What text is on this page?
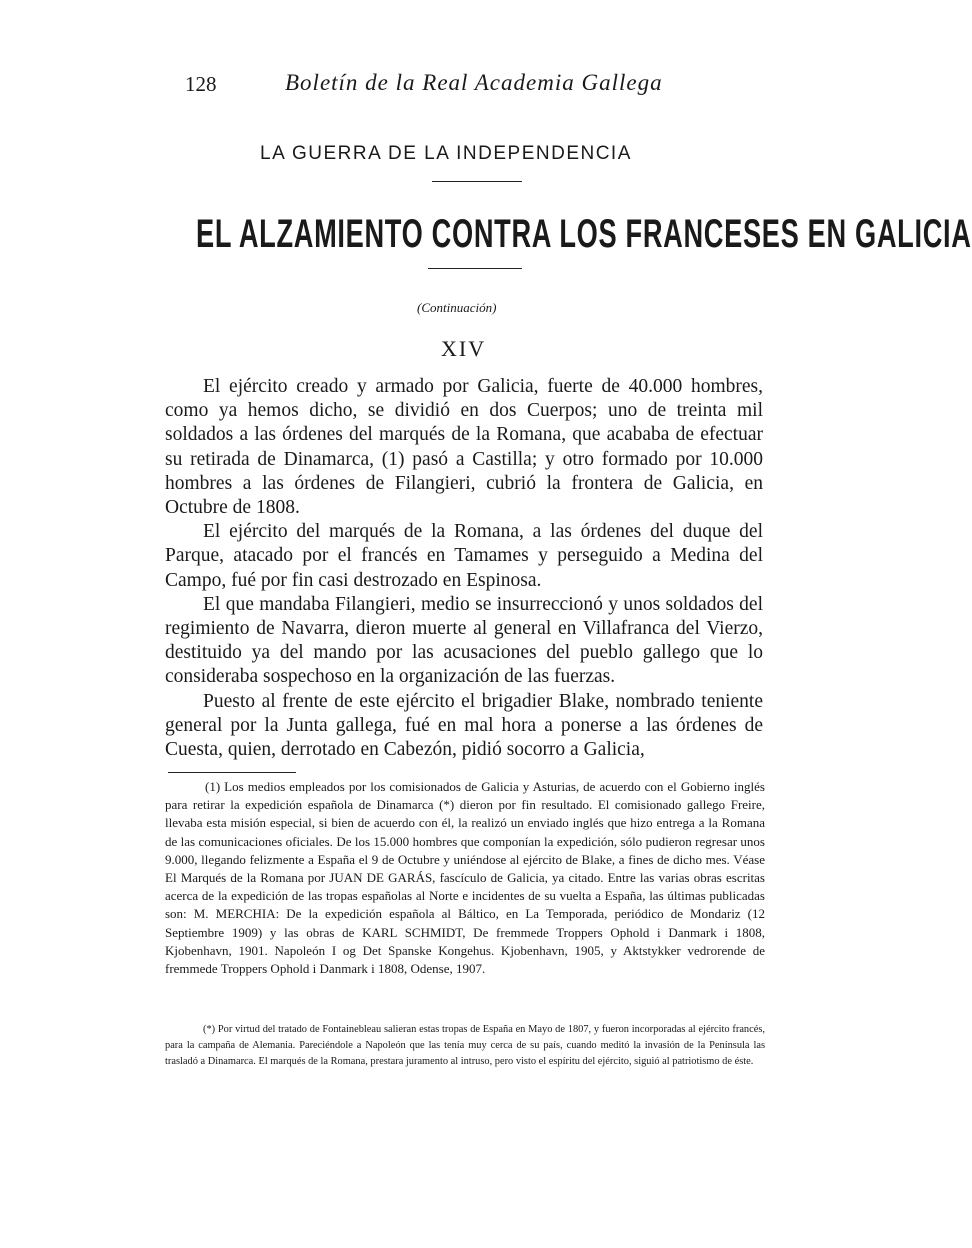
128	Boletín de la Real Academia Gallega
LA GUERRA DE LA INDEPENDENCIA
EL ALZAMIENTO CONTRA LOS FRANCESES EN GALICIA
(Continuación)
XIV

El ejército creado y armado por Galicia, fuerte de 40.000 hombres, como ya hemos dicho, se dividió en dos Cuerpos; uno de treinta mil soldados a las órdenes del marqués de la Romana, que acababa de efectuar su retirada de Dinamarca, (1) pasó a Castilla; y otro formado por 10.000 hombres a las órdenes de Filangieri, cubrió la frontera de Galicia, en Octubre de 1808.

El ejército del marqués de la Romana, a las órdenes del duque del Parque, atacado por el francés en Tamames y perseguido a Medina del Campo, fué por fin casi destrozado en Espinosa.

El que mandaba Filangieri, medio se insurreccionó y unos soldados del regimiento de Navarra, dieron muerte al general en Villafranca del Vierzo, destituido ya del mando por las acusaciones del pueblo gallego que lo consideraba sospechoso en la organización de las fuerzas.

Puesto al frente de este ejército el brigadier Blake, nombrado teniente general por la Junta gallega, fué en mal hora a ponerse a las órdenes de Cuesta, quien, derrotado en Cabezón, pidió socorro a Galicia,

(1) Los medios empleados por los comisionados de Galicia y Asturias, de acuerdo con el Gobierno inglés para retirar la expedición española de Dinamarca (*) dieron por fin resultado. El comisionado gallego Freire, llevaba esta misión especial, si bien de acuerdo con él, la realizó un enviado inglés que hizo entrega a la Romana de las comunicaciones oficiales. De los 15.000 hombres que componían la expedición, sólo pudieron regresar unos 9.000, llegando felizmente a España el 9 de Octubre y uniéndose al ejército de Blake, a fines de dicho mes. Véase El Marqués de la Romana por JUAN DE GARÁS, fascículo de Galicia, ya citado. Entre las varias obras escritas acerca de la expedición de las tropas españolas al Norte e incidentes de su vuelta a España, las últimas publicadas son: M. MERCHIA: De la expedición española al Báltico, en La Temporada, periódico de Mondariz (12 Septiembre 1909) y las obras de KARL SCHMIDT, De fremmede Troppers Ophold i Danmark i 1808, Kjobenhavn, 1901. Napoleón I og Det Spanske Kongehus. Kjobenhavn, 1905, y Aktstykker vedrorende de fremmede Troppers Ophold i Danmark i 1808, Odense, 1907.

(*) Por virtud del tratado de Fontainebleau salieran estas tropas de España en Mayo de 1807, y fueron incorporadas al ejército francés, para la campaña de Alemania. Pareciéndole a Napoleón que las tenía muy cerca de su país, cuando meditó la invasión de la Península las trasladó a Dinamarca. El marqués de la Romana, prestara juramento al intruso, pero visto el espíritu del ejército, siguió al patriotismo de éste.
